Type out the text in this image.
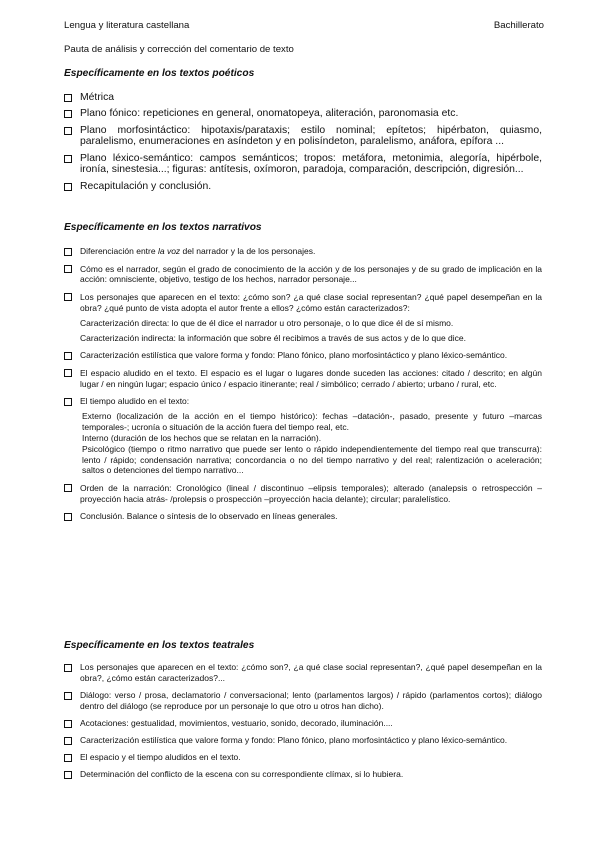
Lengua y literatura castellana	Bachillerato
Pauta de análisis y corrección del comentario de texto
Específicamente en los textos poéticos
Métrica
Plano fónico: repeticiones en general, onomatopeya, aliteración, paronomasia etc.
Plano morfosintáctico: hipotaxis/parataxis; estilo nominal; epítetos; hipérbaton, quiasmo, paralelismo, enumeraciones en asíndeton y en polisíndeton, paralelismo, anáfora, epífora ...
Plano léxico-semántico: campos semánticos; tropos: metáfora, metonimia, alegoría, hipérbole, ironía, sinestesia...; figuras: antítesis, oxímoron, paradoja, comparación, descripción, digresión...
Recapitulación y conclusión.
Específicamente en los textos narrativos
Diferenciación entre la voz del narrador y la de los personajes.
Cómo es el narrador, según el grado de conocimiento de la acción y de los personajes y de su grado de implicación en la acción: omnisciente, objetivo, testigo de los hechos, narrador personaje...
Los personajes que aparecen en el texto: ¿cómo son? ¿a qué clase social representan? ¿qué papel desempeñan en la obra? ¿qué punto de vista adopta el autor frente a ellos? ¿cómo están caracterizados?:
Caracterización directa: lo que de él dice el narrador u otro personaje, o lo que dice él de sí mismo.
Caracterización indirecta: la información que sobre él recibimos a través de sus actos y de lo que dice.
Caracterización estilística que valore forma y fondo: Plano fónico, plano morfosintáctico y plano léxico-semántico.
El espacio aludido en el texto. El espacio es el lugar o lugares donde suceden las acciones: citado / descrito; en algún lugar / en ningún lugar; espacio único / espacio itinerante; real / simbólico; cerrado / abierto; urbano / rural, etc.
El tiempo aludido en el texto:
Externo (localización de la acción en el tiempo histórico): fechas –datación-, pasado, presente y futuro –marcas temporales-; ucronía o situación de la acción fuera del tiempo real, etc.
Interno (duración de los hechos que se relatan en la narración).
Psicológico (tiempo o ritmo narrativo que puede ser lento o rápido independientemente del tiempo real que transcurra): lento / rápido; condensación narrativa; concordancia o no del tiempo narrativo y del real; ralentización o aceleración; saltos o detenciones del tiempo narrativo...
Orden de la narración: Cronológico (lineal / discontinuo –elipsis temporales); alterado (analepsis o retrospección –proyección hacia atrás- /prolepsis o prospección –proyección hacia delante); circular; paralelístico.
Conclusión. Balance o síntesis de lo observado en líneas generales.
Específicamente en los textos teatrales
Los personajes que aparecen en el texto: ¿cómo son?, ¿a qué clase social representan?, ¿qué papel desempeñan en la obra?, ¿cómo están caracterizados?...
Diálogo: verso / prosa, declamatorio / conversacional; lento (parlamentos largos) / rápido (parlamentos cortos); diálogo dentro del diálogo (se reproduce por un personaje lo que otro u otros han dicho).
Acotaciones: gestualidad, movimientos, vestuario, sonido, decorado, iluminación....
Caracterización estilística que valore forma y fondo: Plano fónico, plano morfosintáctico y plano léxico-semántico.
El espacio y el tiempo aludidos en el texto.
Determinación del conflicto de la escena con su correspondiente clímax, si lo hubiera.
